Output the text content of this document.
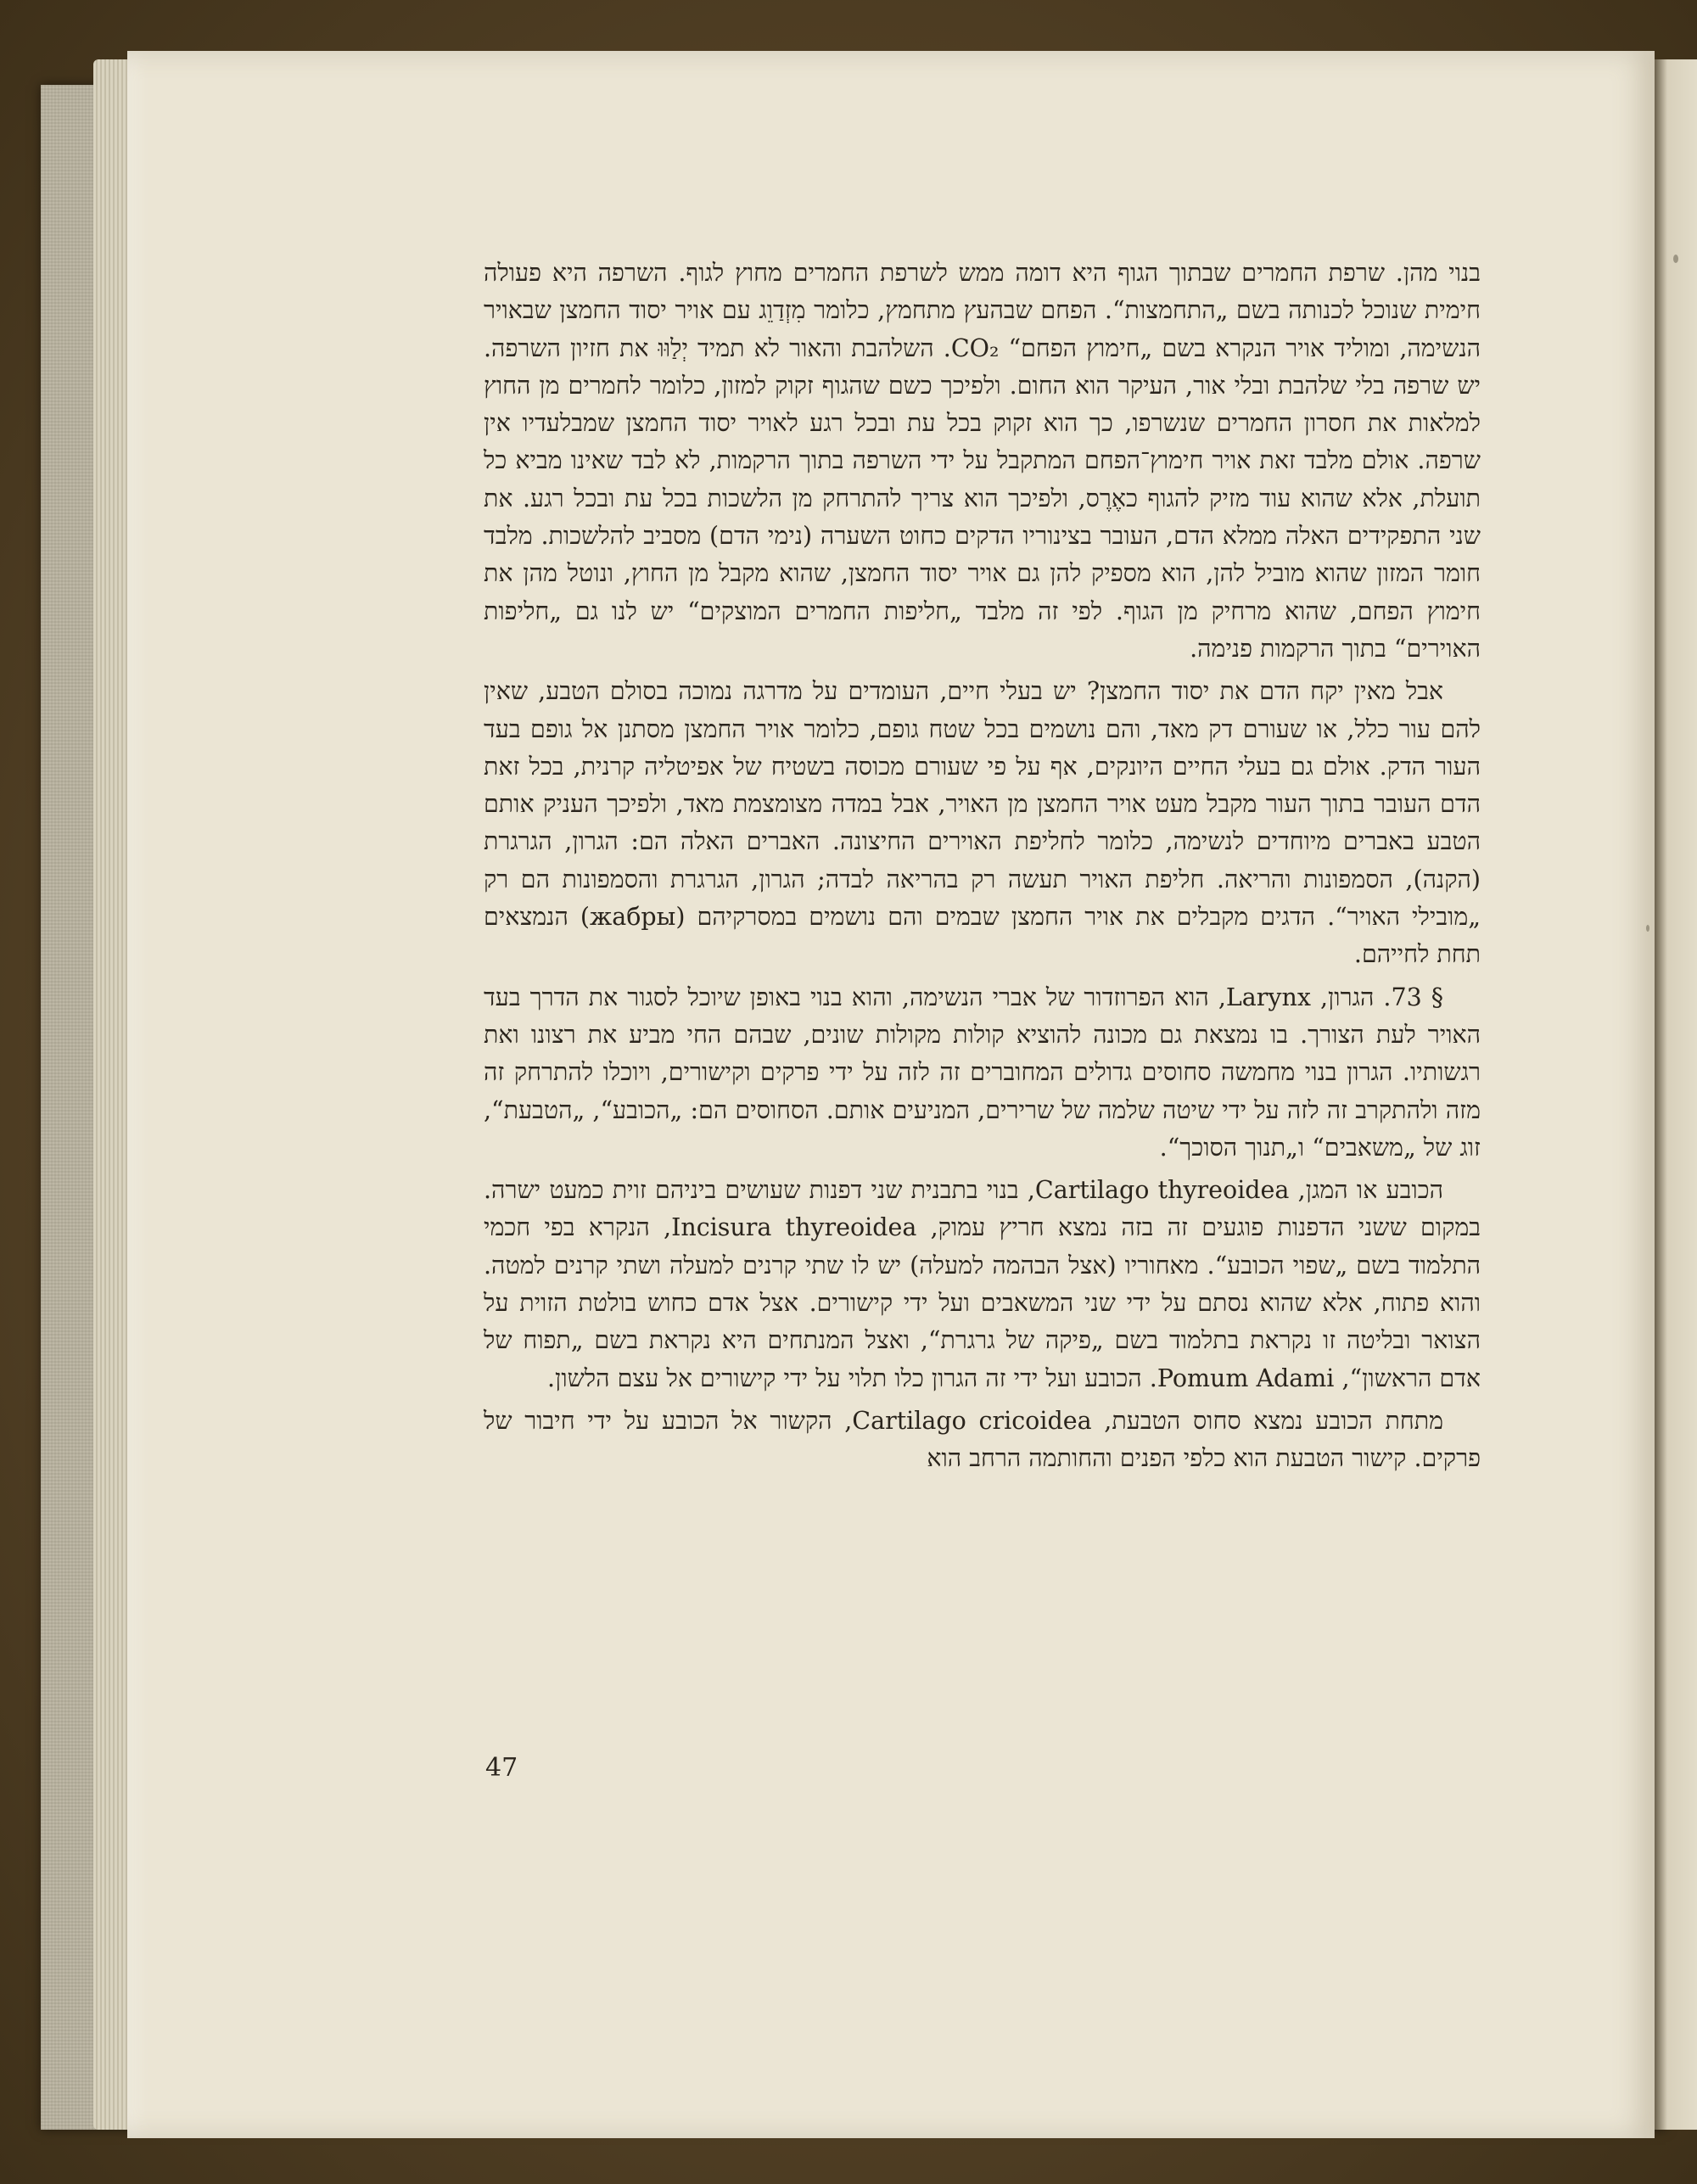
בנוי מהן. שרפת החמרים שבתוך הגוף היא דומה ממש לשרפת החמרים מחוץ לגוף. השרפה היא פעולה חימית שנוכל לכנותה בשם „התחמצות“. הפחם שבהעץ מתחמץ, כלומר מִזְדַוֵג עם אויר יסוד החמצן שבאויר הנשימה, ומוליד אויר הנקרא בשם „חימוץ הפחם“ CO₂. השלהבת והאור לא תמיד יְלַוּוּ את חזיון השרפה. יש שרפה בלי שלהבת ובלי אור, העיקר הוא החום. ולפיכך כשם שהגוף זקוק למזון, כלומר לחמרים מן החוץ למלאות את חסרון החמרים שנשרפו, כך הוא זקוק בכל עת ובכל רגע לאויר יסוד החמצן שמבלעדיו אין שרפה. אולם מלבד זאת אויר חימוץ־הפחם המתקבל על ידי השרפה בתוך הרקמות, לא לבד שאינו מביא כל תועלת, אלא שהוא עוד מזיק להגוף כאֶרֶס, ולפיכך הוא צריך להתרחק מן הלשכות בכל עת ובכל רגע. את שני התפקידים האלה ממלא הדם, העובר בצינוריו הדקים כחוט השערה (נימי הדם) מסביב להלשכות. מלבד חומר המזון שהוא מוביל להן, הוא מספיק להן גם אויר יסוד החמצן, שהוא מקבל מן החוץ, ונוטל מהן את חימוץ הפחם, שהוא מרחיק מן הגוף. לפי זה מלבד „חליפות החמרים המוצקים“ יש לנו גם „חליפות האוירים“ בתוך הרקמות פנימה.

אבל מאין יקח הדם את יסוד החמצן? יש בעלי חיים, העומדים על מדרגה נמוכה בסולם הטבע, שאין להם עור כלל, או שעורם דק מאד, והם נושמים בכל שטח גופם, כלומר אויר החמצן מסתנן אל גופם בעד העור הדק. אולם גם בעלי החיים היונקים, אף על פי שעורם מכוסה בשטיח של אפיטליה קרנית, בכל זאת הדם העובר בתוך העור מקבל מעט אויר החמצן מן האויר, אבל במדה מצומצמת מאד, ולפיכך העניק אותם הטבע באברים מיוחדים לנשימה, כלומר לחליפת האוירים החיצונה. האברים האלה הם: הגרון, הגרגרת (הקנה), הסמפונות והריאה. חליפת האויר תעשה רק בהריאה לבדה; הגרון, הגרגרת והסמפונות הם רק „מובילי האויר“. הדגים מקבלים את אויר החמצן שבמים והם נושמים במסרקיהם (жабры) הנמצאים תחת לחייהם.

§ 73. הגרון, Larynx, הוא הפרוזדור של אברי הנשימה, והוא בנוי באופן שיוכל לסגור את הדרך בעד האויר לעת הצורך. בו נמצאת גם מכונה להוציא קולות מקולות שונים, שבהם החי מביע את רצונו ואת רגשותיו. הגרון בנוי מחמשה סחוסים גדולים המחוברים זה לזה על ידי פרקים וקישורים, ויוכלו להתרחק זה מזה ולהתקרב זה לזה על ידי שיטה שלמה של שרירים, המניעים אותם. הסחוסים הם: „הכובע“, „הטבעת“, זוג של „משאבים“ ו„תנוך הסוכך“.

הכובע או המגן, Cartilago thyreoidea, בנוי בתבנית שני דפנות שעושים ביניהם זוית כמעט ישרה. במקום ששני הדפנות פוגעים זה בזה נמצא חריץ עמוק, Incisura thyreoidea, הנקרא בפי חכמי התלמוד בשם „שפוי הכובע“. מאחוריו (אצל הבהמה למעלה) יש לו שתי קרנים למעלה ושתי קרנים למטה. והוא פתוח, אלא שהוא נסתם על ידי שני המשאבים ועל ידי קישורים. אצל אדם כחוש בולטת הזוית על הצואר ובליטה זו נקראת בתלמוד בשם „פיקה של גרגרת“, ואצל המנתחים היא נקראת בשם „תפוח של אדם הראשון“, Pomum Adami. הכובע ועל ידי זה הגרון כלו תלוי על ידי קישורים אל עצם הלשון.

מתחת הכובע נמצא סחוס הטבעת, Cartilago cricoidea, הקשור אל הכובע על ידי חיבור של פרקים. קישור הטבעת הוא כלפי הפנים והחותמה הרחב הוא

47
